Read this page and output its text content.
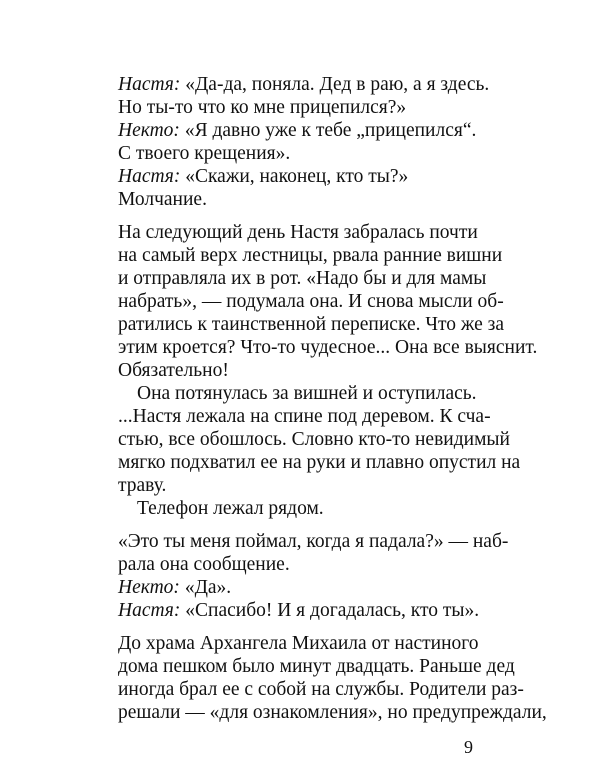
Настя: «Да-да, поняла. Дед в раю, а я здесь.
Но ты-то что ко мне прицепился?»
Некто: «Я давно уже к тебе „прицепился“.
С твоего крещения».
Настя: «Скажи, наконец, кто ты?»
Молчание.
На следующий день Настя забралась почти
на самый верх лестницы, рвала ранние вишни
и отправляла их в рот. «Надо бы и для мамы
набрать», — подумала она. И снова мысли об-
ратились к таинственной переписке. Что же за
этим кроется? Что-то чудесное... Она все выяснит.
Обязательно!
Она потянулась за вишней и оступилась.
...Настя лежала на спине под деревом. К сча-
стью, все обошлось. Словно кто-то невидимый
мягко подхватил ее на руки и плавно опустил на
траву.
Телефон лежал рядом.
«Это ты меня поймал, когда я падала?» — наб-
рала она сообщение.
Некто: «Да».
Настя: «Спасибо! И я догадалась, кто ты».
До храма Архангела Михаила от настиного
дома пешком было минут двадцать. Раньше дед
иногда брал ее с собой на службы. Родители раз-
решали — «для ознакомления», но предупреждали,
9
